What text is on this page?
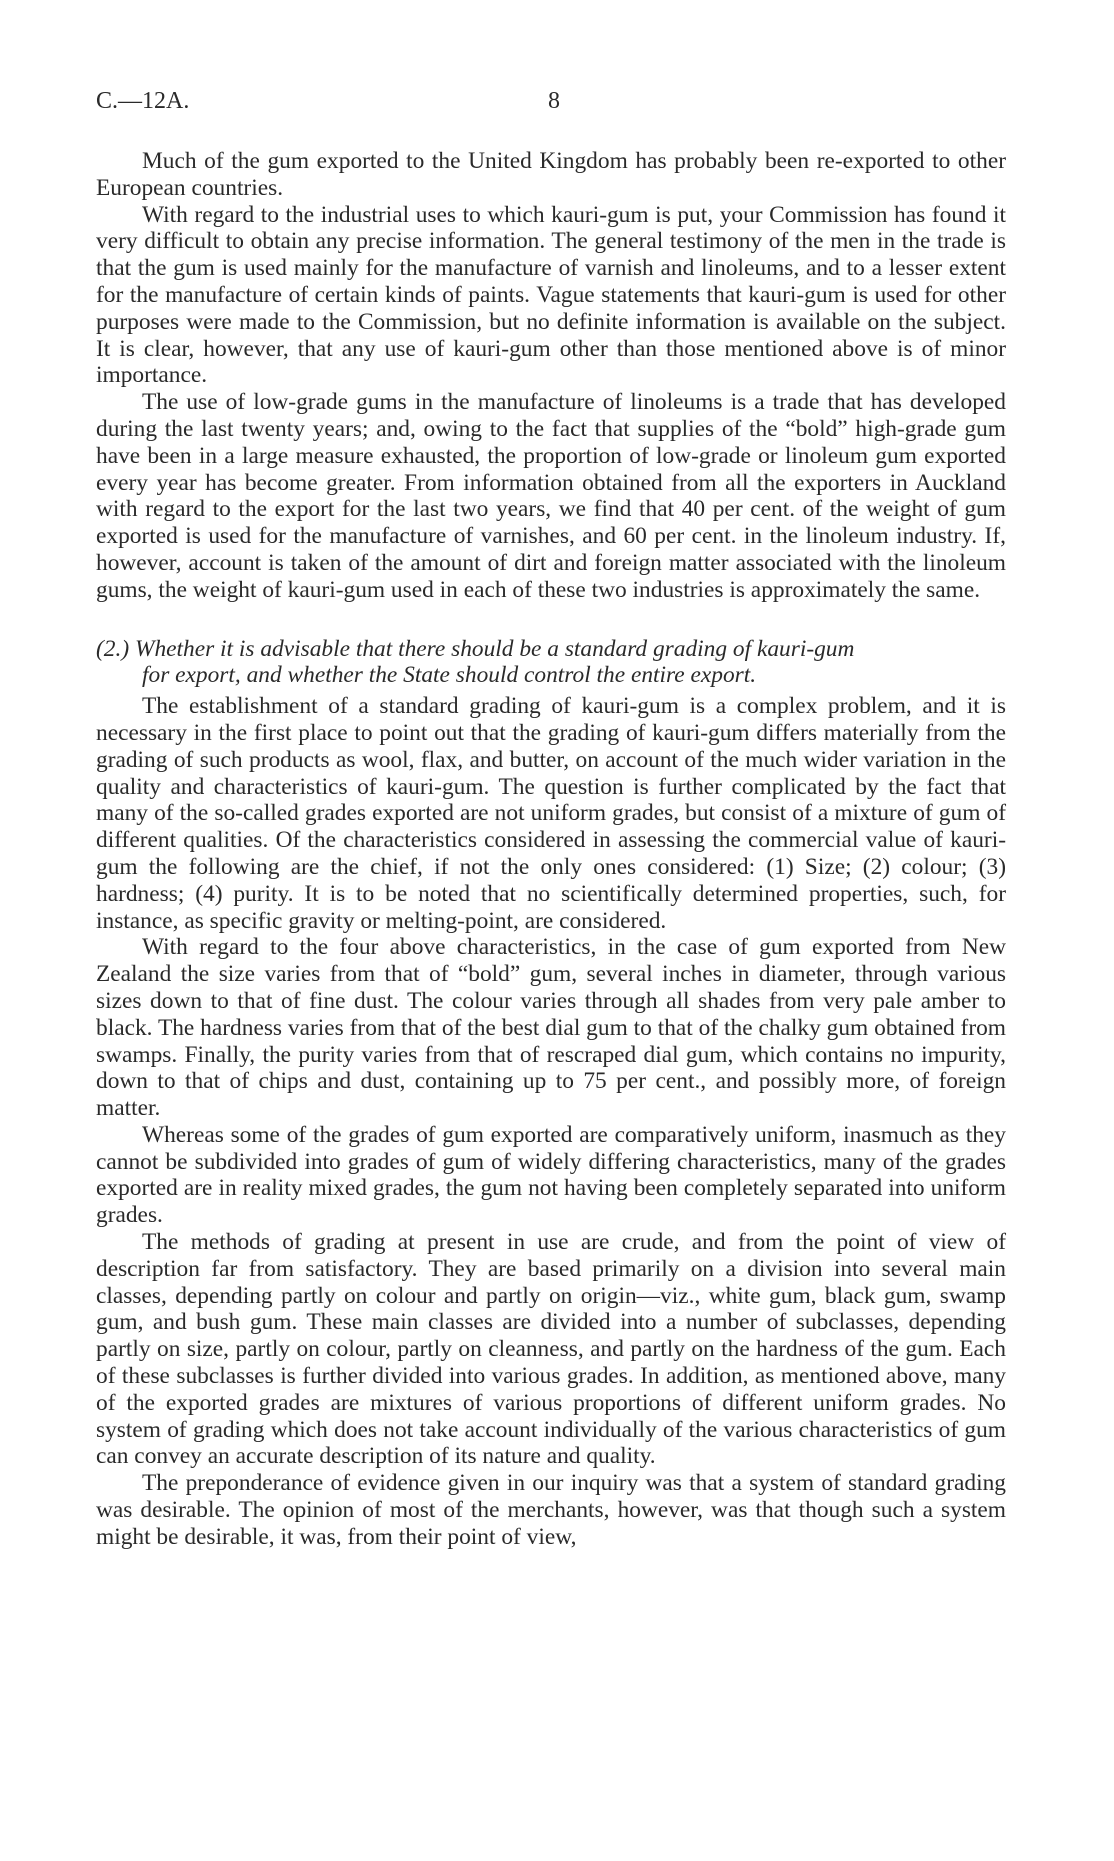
C.—12A.	8

Much of the gum exported to the United Kingdom has probably been re-exported to other European countries.

With regard to the industrial uses to which kauri-gum is put, your Commission has found it very difficult to obtain any precise information. The general testimony of the men in the trade is that the gum is used mainly for the manufacture of varnish and linoleums, and to a lesser extent for the manufacture of certain kinds of paints. Vague statements that kauri-gum is used for other purposes were made to the Commission, but no definite information is available on the subject. It is clear, however, that any use of kauri-gum other than those mentioned above is of minor importance.

The use of low-grade gums in the manufacture of linoleums is a trade that has developed during the last twenty years; and, owing to the fact that supplies of the “bold” high-grade gum have been in a large measure exhausted, the proportion of low-grade or linoleum gum exported every year has become greater. From information obtained from all the exporters in Auckland with regard to the export for the last two years, we find that 40 per cent. of the weight of gum exported is used for the manufacture of varnishes, and 60 per cent. in the linoleum industry. If, however, account is taken of the amount of dirt and foreign matter associated with the linoleum gums, the weight of kauri-gum used in each of these two industries is approximately the same.

(2.) Whether it is advisable that there should be a standard grading of kauri-gum
for export, and whether the State should control the entire export.

The establishment of a standard grading of kauri-gum is a complex problem, and it is necessary in the first place to point out that the grading of kauri-gum differs materially from the grading of such products as wool, flax, and butter, on account of the much wider variation in the quality and characteristics of kauri-gum. The question is further complicated by the fact that many of the so-called grades exported are not uniform grades, but consist of a mixture of gum of different qualities. Of the characteristics considered in assessing the commercial value of kauri-gum the following are the chief, if not the only ones considered: (1) Size; (2) colour; (3) hardness; (4) purity. It is to be noted that no scientifically determined properties, such, for instance, as specific gravity or melting-point, are considered.

With regard to the four above characteristics, in the case of gum exported from New Zealand the size varies from that of “bold” gum, several inches in diameter, through various sizes down to that of fine dust. The colour varies through all shades from very pale amber to black. The hardness varies from that of the best dial gum to that of the chalky gum obtained from swamps. Finally, the purity varies from that of rescraped dial gum, which contains no impurity, down to that of chips and dust, containing up to 75 per cent., and possibly more, of foreign matter.

Whereas some of the grades of gum exported are comparatively uniform, inasmuch as they cannot be subdivided into grades of gum of widely differing characteristics, many of the grades exported are in reality mixed grades, the gum not having been completely separated into uniform grades.

The methods of grading at present in use are crude, and from the point of view of description far from satisfactory. They are based primarily on a division into several main classes, depending partly on colour and partly on origin—viz., white gum, black gum, swamp gum, and bush gum. These main classes are divided into a number of subclasses, depending partly on size, partly on colour, partly on cleanness, and partly on the hardness of the gum. Each of these subclasses is further divided into various grades. In addition, as mentioned above, many of the exported grades are mixtures of various proportions of different uniform grades. No system of grading which does not take account individually of the various characteristics of gum can convey an accurate description of its nature and quality.

The preponderance of evidence given in our inquiry was that a system of standard grading was desirable. The opinion of most of the merchants, however, was that though such a system might be desirable, it was, from their point of view,
